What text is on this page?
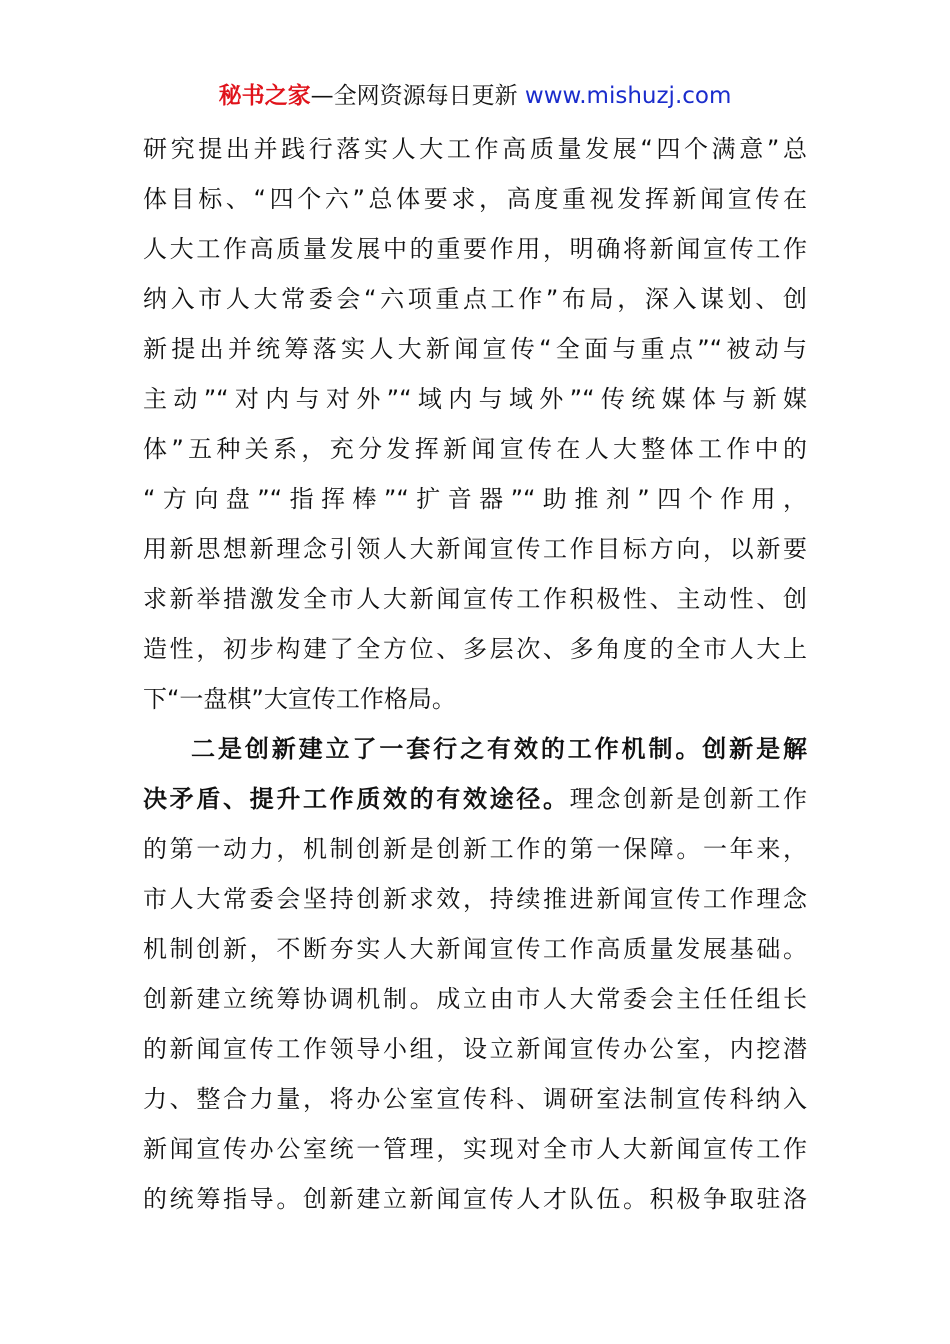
秘书之家—全网资源每日更新 www.mishuzj.com
研究提出并践行落实人大工作高质量发展“四个满意”总
体目标、“四个六”总体要求，高度重视发挥新闻宣传在
人大工作高质量发展中的重要作用，明确将新闻宣传工作
纳入市人大常委会“六项重点工作”布局，深入谋划、创
新提出并统筹落实人大新闻宣传“全面与重点”“被动与
主动”“对内与对外”“域内与域外”“传统媒体与新媒
体”五种关系，充分发挥新闻宣传在人大整体工作中的
“方向盘”“指挥棒”“扩音器”“助推剂”四个作用，
用新思想新理念引领人大新闻宣传工作目标方向，以新要
求新举措激发全市人大新闻宣传工作积极性、主动性、创
造性，初步构建了全方位、多层次、多角度的全市人大上
下“一盘棋”大宣传工作格局。
二是创新建立了一套行之有效的工作机制。创新是解
决矛盾、提升工作质效的有效途径。理念创新是创新工作
的第一动力，机制创新是创新工作的第一保障。一年来，
市人大常委会坚持创新求效，持续推进新闻宣传工作理念
机制创新，不断夯实人大新闻宣传工作高质量发展基础。
创新建立统筹协调机制。成立由市人大常委会主任任组长
的新闻宣传工作领导小组，设立新闻宣传办公室，内挖潜
力、整合力量，将办公室宣传科、调研室法制宣传科纳入
新闻宣传办公室统一管理，实现对全市人大新闻宣传工作
的统筹指导。创新建立新闻宣传人才队伍。积极争取驻洛
